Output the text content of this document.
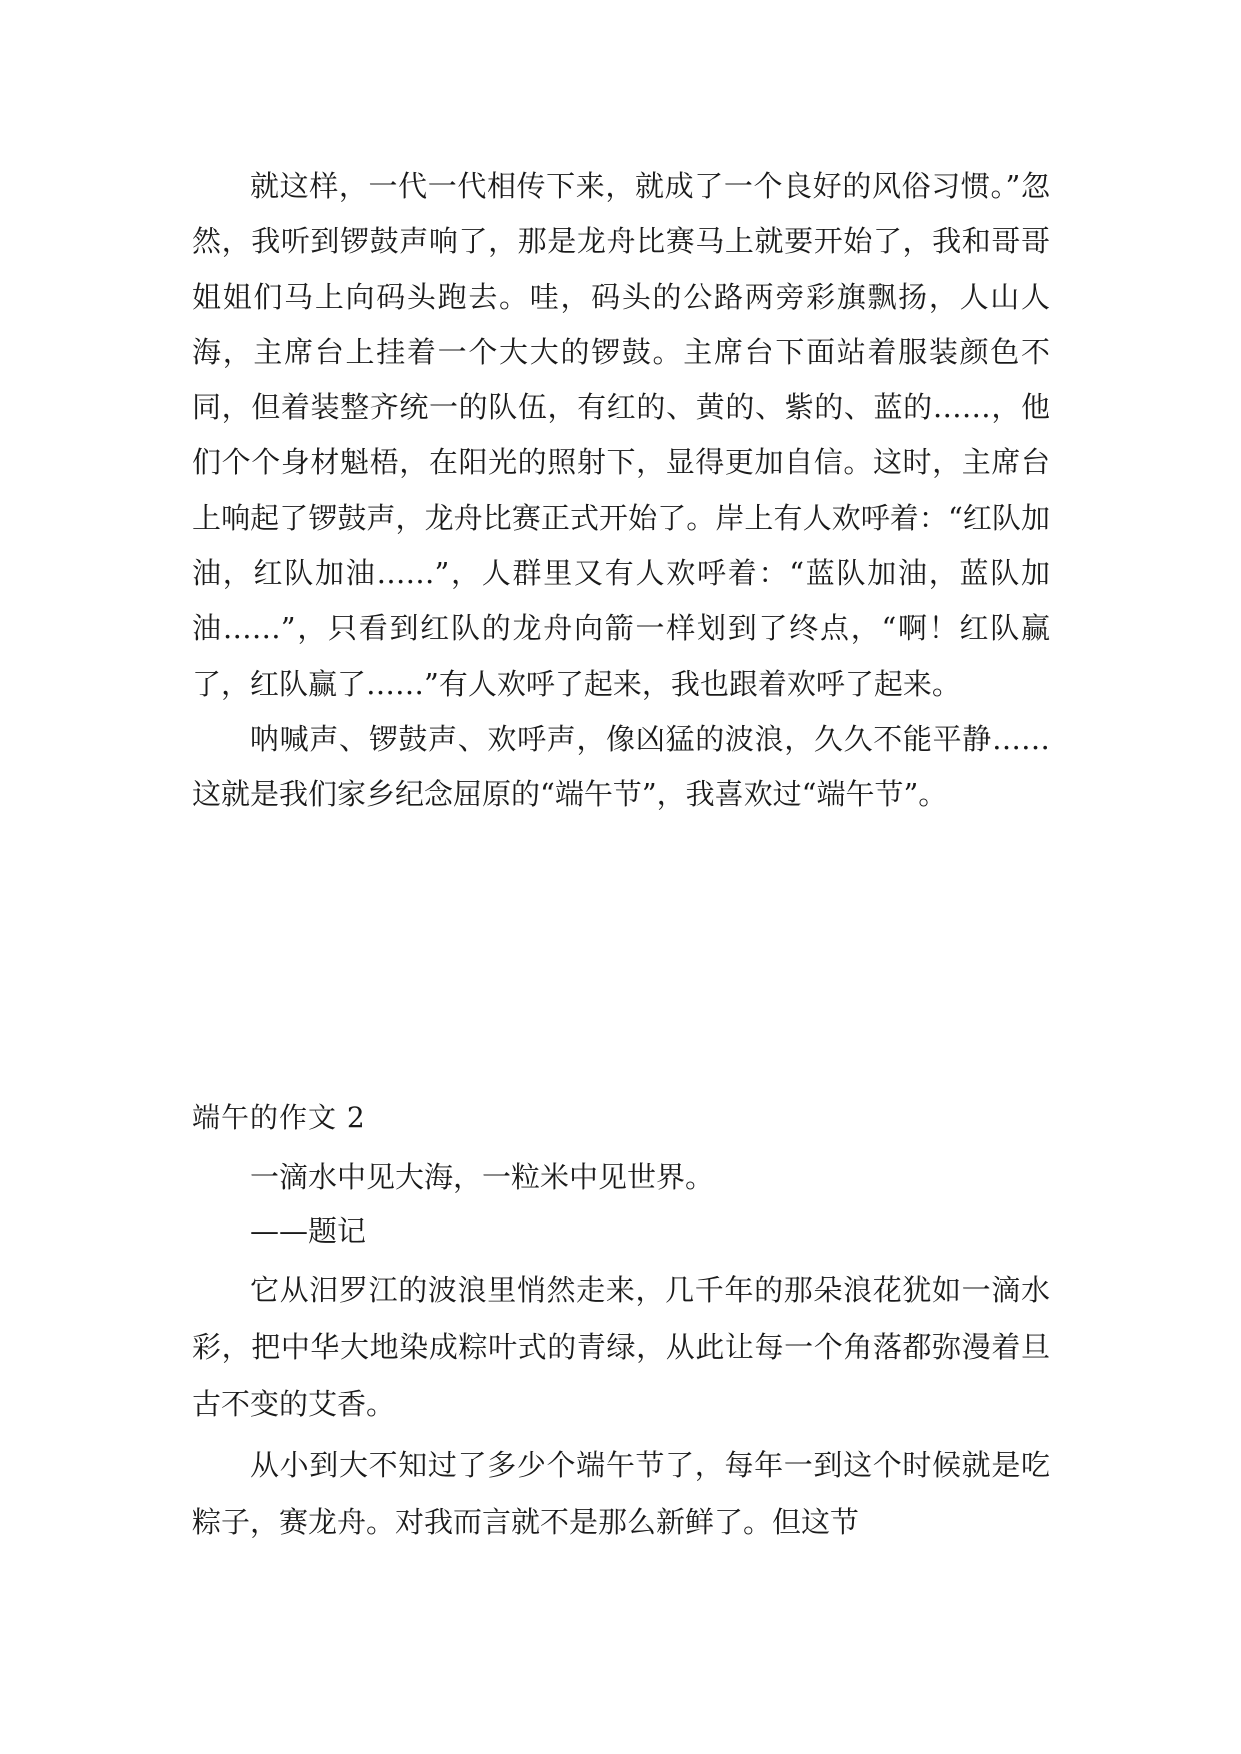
就这样，一代一代相传下来，就成了一个良好的风俗习惯。”忽然，我听到锣鼓声响了，那是龙舟比赛马上就要开始了，我和哥哥姐姐们马上向码头跑去。哇，码头的公路两旁彩旗飘扬，人山人海，主席台上挂着一个大大的锣鼓。主席台下面站着服装颜色不同，但着装整齐统一的队伍，有红的、黄的、紫的、蓝的……，他们个个身材魁梧，在阳光的照射下，显得更加自信。这时，主席台上响起了锣鼓声，龙舟比赛正式开始了。岸上有人欢呼着：“红队加油，红队加油……”，人群里又有人欢呼着：“蓝队加油，蓝队加油……”，只看到红队的龙舟向箭一样划到了终点，“啊！红队赢了，红队赢了……”有人欢呼了起来，我也跟着欢呼了起来。

呐喊声、锣鼓声、欢呼声，像凶猛的波浪，久久不能平静……这就是我们家乡纪念屈原的“端午节”，我喜欢过“端午节”。

端午的作文 2

一滴水中见大海，一粒米中见世界。

——题记

它从汨罗江的波浪里悄然走来，几千年的那朵浪花犹如一滴水彩，把中华大地染成粽叶式的青绿，从此让每一个角落都弥漫着旦古不变的艾香。

从小到大不知过了多少个端午节了，每年一到这个时候就是吃粽子，赛龙舟。对我而言就不是那么新鲜了。但这节
